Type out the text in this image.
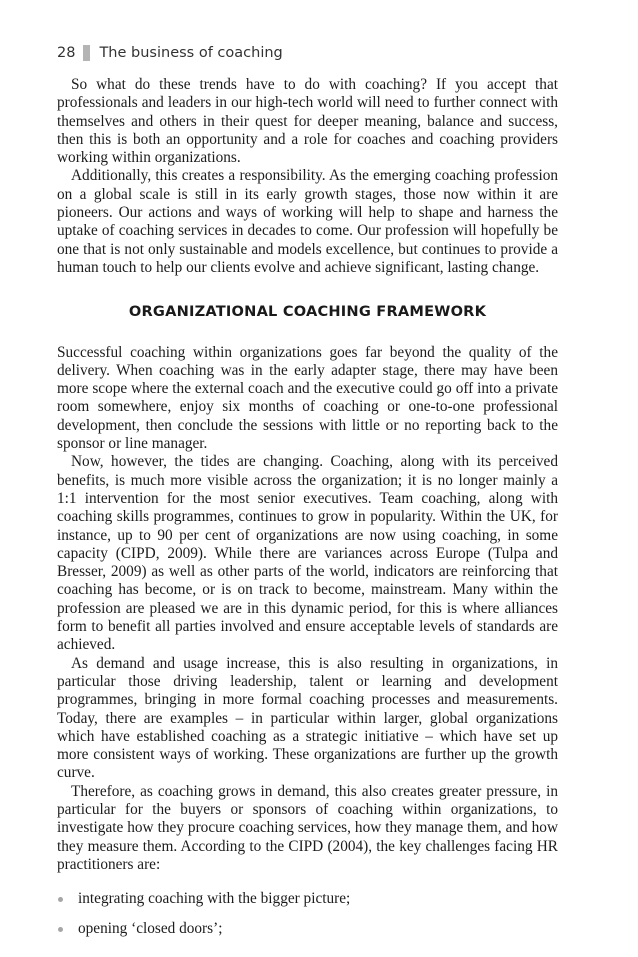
28 The business of coaching

So what do these trends have to do with coaching? If you accept that professionals and leaders in our high-tech world will need to further connect with themselves and others in their quest for deeper meaning, balance and success, then this is both an opportunity and a role for coaches and coaching providers working within organizations.

Additionally, this creates a responsibility. As the emerging coaching profession on a global scale is still in its early growth stages, those now within it are pioneers. Our actions and ways of working will help to shape and harness the uptake of coaching services in decades to come. Our profession will hopefully be one that is not only sustainable and models excellence, but continues to provide a human touch to help our clients evolve and achieve significant, lasting change.

ORGANIZATIONAL COACHING FRAMEWORK

Successful coaching within organizations goes far beyond the quality of the delivery. When coaching was in the early adapter stage, there may have been more scope where the external coach and the executive could go off into a private room somewhere, enjoy six months of coaching or one-to-one professional development, then conclude the sessions with little or no reporting back to the sponsor or line manager.

Now, however, the tides are changing. Coaching, along with its perceived benefits, is much more visible across the organization; it is no longer mainly a 1:1 intervention for the most senior executives. Team coaching, along with coaching skills programmes, continues to grow in popularity. Within the UK, for instance, up to 90 per cent of organizations are now using coaching, in some capacity (CIPD, 2009). While there are variances across Europe (Tulpa and Bresser, 2009) as well as other parts of the world, indicators are reinforcing that coaching has become, or is on track to become, mainstream. Many within the profession are pleased we are in this dynamic period, for this is where alliances form to benefit all parties involved and ensure acceptable levels of standards are achieved.

As demand and usage increase, this is also resulting in organizations, in particular those driving leadership, talent or learning and development programmes, bringing in more formal coaching processes and measurements. Today, there are examples – in particular within larger, global organizations which have established coaching as a strategic initiative – which have set up more consistent ways of working. These organizations are further up the growth curve.

Therefore, as coaching grows in demand, this also creates greater pressure, in particular for the buyers or sponsors of coaching within organizations, to investigate how they procure coaching services, how they manage them, and how they measure them. According to the CIPD (2004), the key challenges facing HR practitioners are:

integrating coaching with the bigger picture;
opening ‘closed doors’;
